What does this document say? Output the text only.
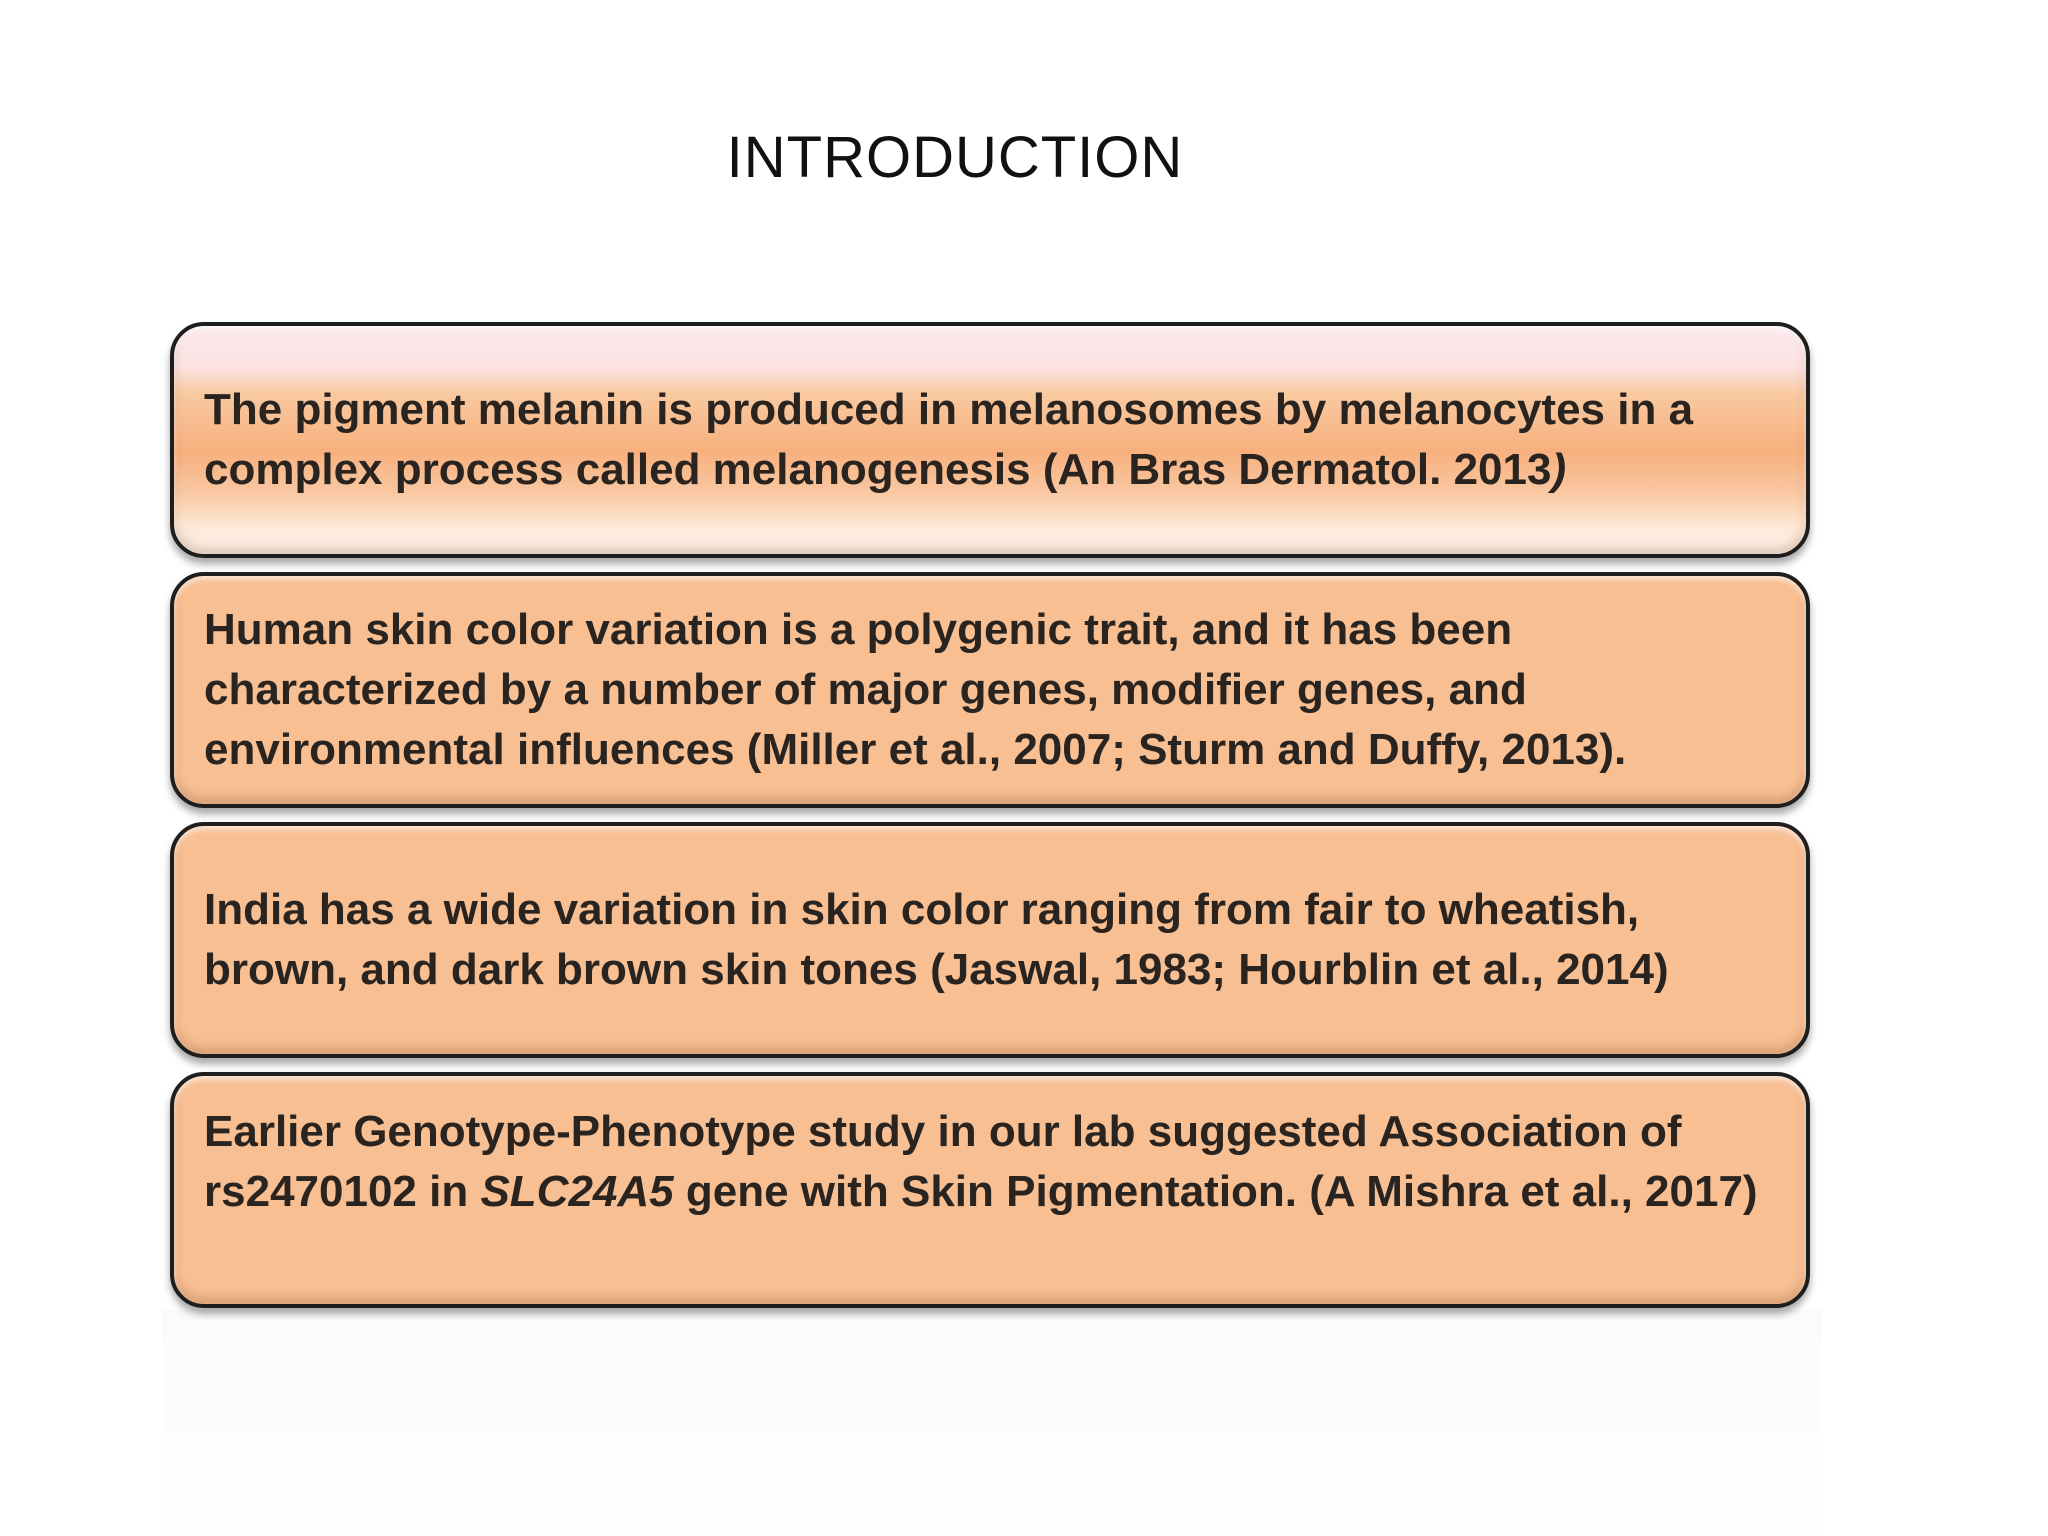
INTRODUCTION

The pigment melanin is produced in melanosomes by melanocytes in a complex process called melanogenesis (An Bras Dermatol. 2013)

Human skin color variation is a polygenic trait, and it has been characterized by a number of major genes, modifier genes, and environmental influences (Miller et al., 2007; Sturm and Duffy, 2013).

India has a wide variation in skin color ranging from fair to wheatish, brown, and dark brown skin tones (Jaswal, 1983; Hourblin et al., 2014)

Earlier Genotype-Phenotype study in our lab suggested Association of rs2470102 in SLC24A5 gene with Skin Pigmentation. (A Mishra et al., 2017)
